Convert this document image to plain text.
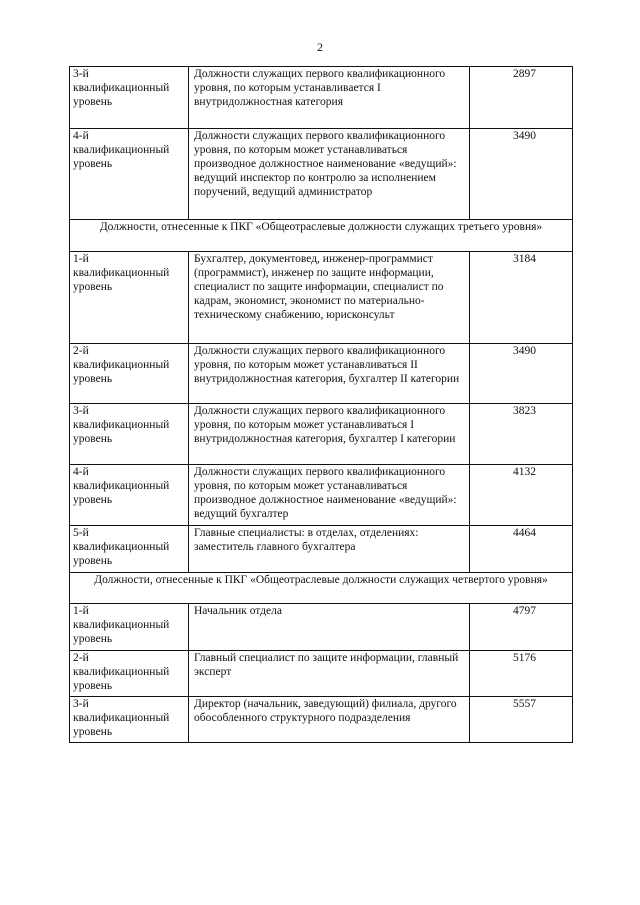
2
3-й квалификационный уровень	Должности служащих первого квалификационного уровня, по которым устанавливается I внутридолжностная категория	2897
4-й квалификационный уровень	Должности служащих первого квалификационного уровня, по которым может устанавливаться производное должностное наименование «ведущий»: ведущий инспектор по контролю за исполнением поручений, ведущий администратор	3490
Должности, отнесенные к ПКГ «Общеотраслевые должности служащих третьего уровня»		
1-й квалификационный уровень	Бухгалтер, документовед, инженер-программист (программист), инженер по защите информации, специалист по защите информации, специалист по кадрам, экономист, экономист по материально-техническому снабжению, юрисконсульт	3184
2-й квалификационный уровень	Должности служащих первого квалификационного уровня, по которым может устанавливаться II внутридолжностная категория, бухгалтер II категории	3490
3-й квалификационный уровень	Должности служащих первого квалификационного уровня, по которым может устанавливаться I внутридолжностная категория, бухгалтер I категории	3823
4-й квалификационный уровень	Должности служащих первого квалификационного уровня, по которым может устанавливаться производное должностное наименование «ведущий»: ведущий бухгалтер	4132
5-й квалификационный уровень	Главные специалисты: в отделах, отделениях: заместитель главного бухгалтера	4464
Должности, отнесенные к ПКГ «Общеотраслевые должности служащих четвертого уровня»		
1-й квалификационный уровень	Начальник отдела	4797
2-й квалификационный уровень	Главный специалист по защите информации, главный эксперт	5176
3-й квалификационный уровень	Директор (начальник, заведующий) филиала, другого обособленного структурного подразделения	5557
